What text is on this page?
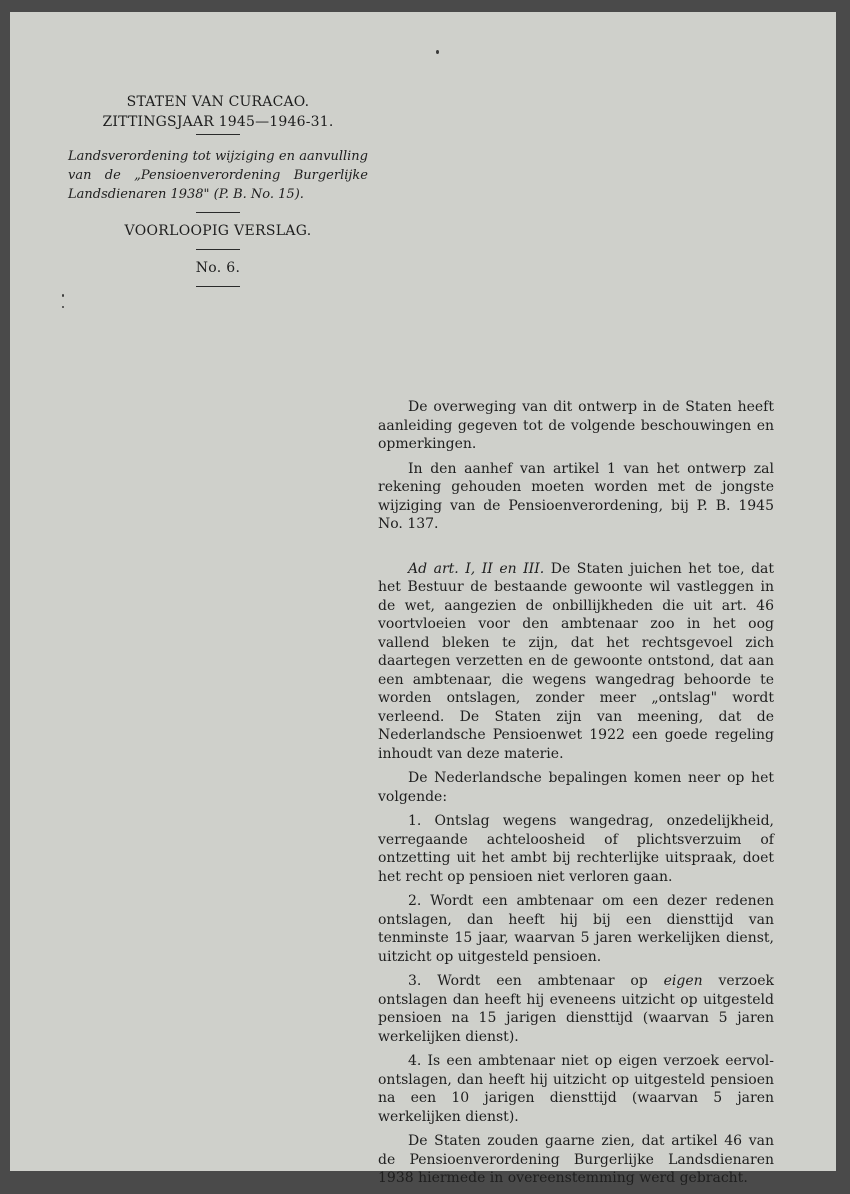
STATEN VAN CURACAO.
ZITTINGSJAAR 1945—1946-31.
Landsverordening tot wijziging en aanvulling van de „Pensioenverordening Burgerlijke Landsdienaren 1938" (P. B. No. 15).
VOORLOOPIG VERSLAG.
No. 6.

De overweging van dit ontwerp in de Staten heeft aanleiding gegeven tot de volgende beschouwingen en opmerkingen.

In den aanhef van artikel 1 van het ontwerp zal rekening gehouden moeten worden met de jongste wijziging van de Pensioenverordening, bij P. B. 1945 No. 137.

Ad art. I, II en III. De Staten juichen het toe, dat het Bestuur de bestaande gewoonte wil vastleggen in de wet, aangezien de onbillijkheden die uit art. 46 voortvloeien voor den ambtenaar zoo in het oog vallend bleken te zijn, dat het rechtsgevoel zich daartegen verzetten en de gewoonte ontstond, dat aan een ambtenaar, die wegens wangedrag behoorde te worden ontslagen, zonder meer „ontslag" wordt verleend. De Staten zijn van meening, dat de Nederlandsche Pensioenwet 1922 een goede regeling inhoudt van deze materie.

De Nederlandsche bepalingen komen neer op het volgende:

1. Ontslag wegens wangedrag, onzedelijkheid, verregaande achteloosheid of plichtsverzuim of ontzetting uit het ambt bij rechterlijke uitspraak, doet het recht op pensioen niet verloren gaan.

2. Wordt een ambtenaar om een dezer redenen ontslagen, dan heeft hij bij een diensttijd van tenminste 15 jaar, waarvan 5 jaren werkelijken dienst, uitzicht op uitgesteld pensioen.

3. Wordt een ambtenaar op eigen verzoek ontslagen dan heeft hij eveneens uitzicht op uitgesteld pensioen na 15 jarigen diensttijd (waarvan 5 jaren werkelijken dienst).

4. Is een ambtenaar niet op eigen verzoek eervol-ontslagen, dan heeft hij uitzicht op uitgesteld pensioen na een 10 jarigen diensttijd (waarvan 5 jaren werkelijken dienst).

De Staten zouden gaarne zien, dat artikel 46 van de Pensioenverordening Burgerlijke Landsdienaren 1938 hiermede in overeenstemming werd gebracht.
